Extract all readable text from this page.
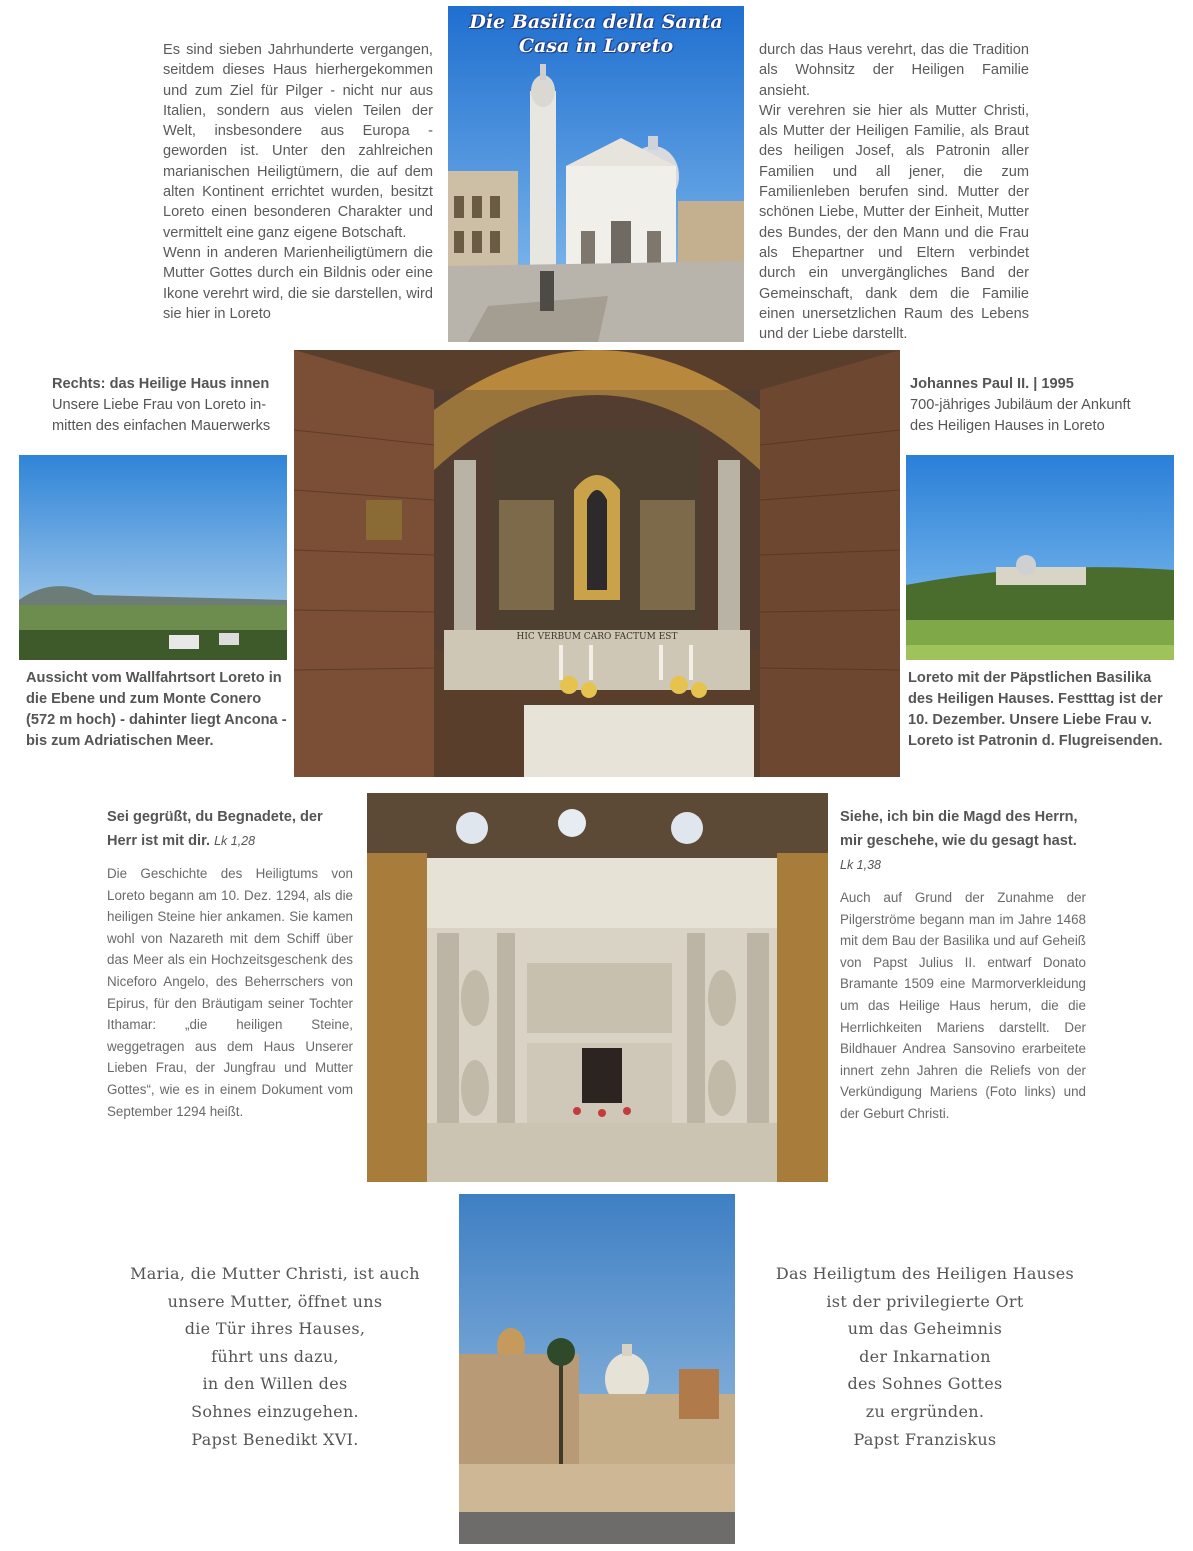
Es sind sieben Jahrhunderte vergangen, seitdem dieses Haus hierhergekommen und zum Ziel für Pilger - nicht nur aus Italien, sondern aus vielen Teilen der Welt, insbesondere aus Europa - geworden ist. Unter den zahlreichen marianischen Heiligtümern, die auf dem alten Kontinent errichtet wurden, besitzt Loreto einen besonderen Charakter und vermittelt eine ganz eigene Botschaft.
Wenn in anderen Marienheiligtümern die Mutter Gottes durch ein Bildnis oder eine Ikone verehrt wird, die sie darstellen, wird sie hier in Loreto
Die Basilica della Santa
Casa in Loreto	durch das Haus verehrt, das die Tradition als Wohnsitz der Heiligen Familie ansieht.
Wir verehren sie hier als Mutter Christi, als Mutter der Heiligen Familie, als Braut des heiligen Josef, als Patronin aller Familien und all jener, die zum Familienleben berufen sind. Mutter der schönen Liebe, Mutter der Einheit, Mutter des Bundes, der den Mann und die Frau als Ehepartner und Eltern verbindet durch ein unvergängliches Band der Gemeinschaft, dank dem die Familie einen unersetzlichen Raum des Lebens und der Liebe darstellt.
Rechts: das Heilige Haus innen
Unsere Liebe Frau von Loreto in-
mitten des einfachen Mauerwerks
HIC VERBUM CARO FACTUM EST
Johannes Paul II. | 1995
700-jähriges Jubiläum der Ankunft
des Heiligen Hauses in Loreto
Aussicht vom Wallfahrtsort Loreto in die Ebene und zum Monte Conero (572 m hoch) - dahinter liegt Ancona - bis zum Adriatischen Meer.
Loreto mit der Päpstlichen Basilika des Heiligen Hauses. Festttag ist der 10. Dezember. Unsere Liebe Frau v. Loreto ist Patronin d. Flugreisenden.
Sei gegrüßt, du Begnadete, der Herr ist mit dir. Lk 1,28
Die Geschichte des Heiligtums von Loreto begann am 10. Dez. 1294, als die heiligen Steine hier ankamen. Sie kamen wohl von Nazareth mit dem Schiff über das Meer als ein Hochzeitsgeschenk des Niceforo Angelo, des Beherrschers von Epirus, für den Bräutigam seiner Tochter Ithamar: „die heiligen Steine, weggetragen aus dem Haus Unserer Lieben Frau, der Jungfrau und Mutter Gottes“, wie es in einem Dokument vom September 1294 heißt.
Siehe, ich bin die Magd des Herrn, mir geschehe, wie du gesagt hast. Lk 1,38
Auch auf Grund der Zunahme der Pilgerströme begann man im Jahre 1468 mit dem Bau der Basilika und auf Geheiß von Papst Julius II. entwarf Donato Bramante 1509 eine Marmorverkleidung um das Heilige Haus herum, die die Herrlichkeiten Mariens darstellt. Der Bildhauer Andrea Sansovino erarbeitete innert zehn Jahren die Reliefs von der Verkündigung Mariens (Foto links) und der Geburt Christi.
Maria, die Mutter Christi, ist auch
unsere Mutter, öffnet uns
die Tür ihres Hauses,
führt uns dazu,
in den Willen des
Sohnes einzugehen.
Papst Benedikt XVI.
Das Heiligtum des Heiligen Hauses
ist der privilegierte Ort
um das Geheimnis
der Inkarnation
des Sohnes Gottes
zu ergründen.
Papst Franziskus
